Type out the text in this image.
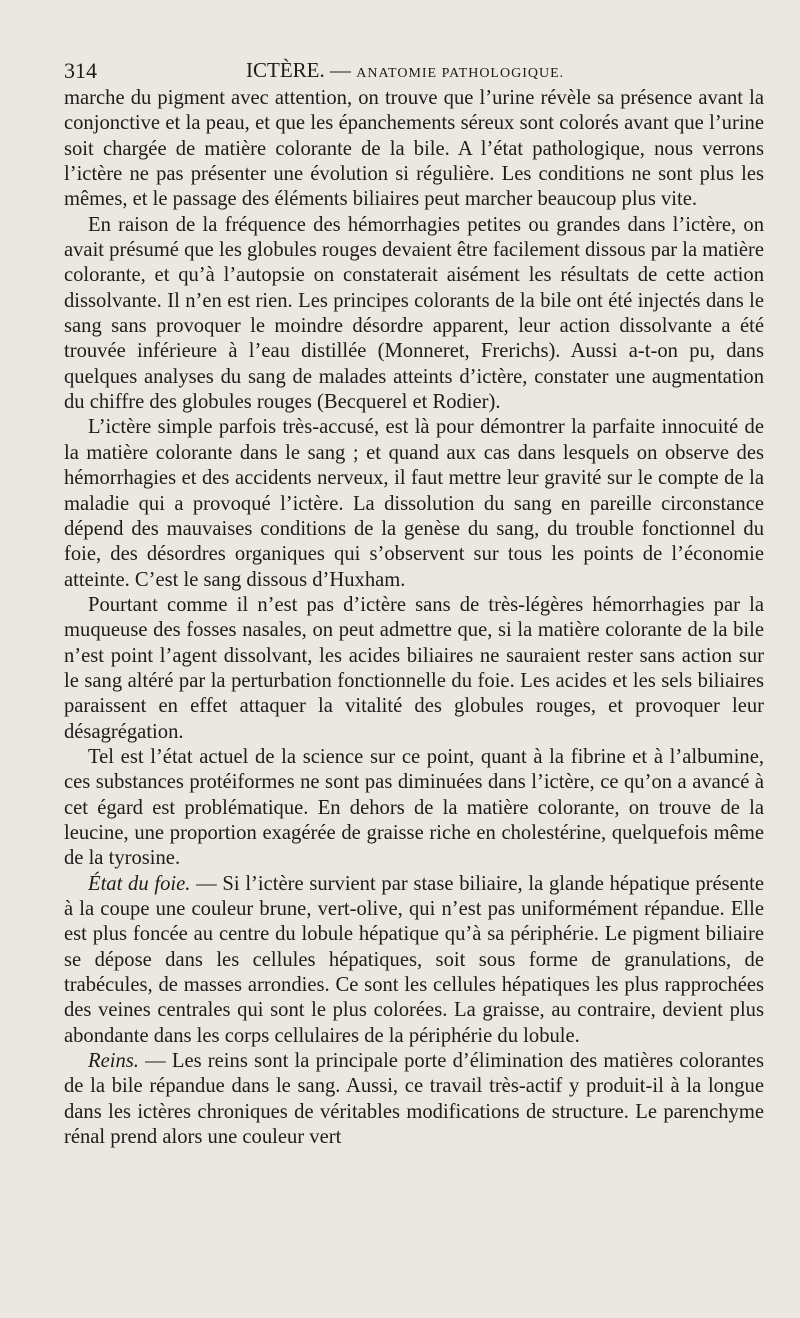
314	ICTÈRE. — ANATOMIE PATHOLOGIQUE.

marche du pigment avec attention, on trouve que l’urine révèle sa présence avant la conjonctive et la peau, et que les épanchements séreux sont colorés avant que l’urine soit chargée de matière colorante de la bile. A l’état pathologique, nous verrons l’ictère ne pas présenter une évolution si régulière. Les conditions ne sont plus les mêmes, et le passage des éléments biliaires peut marcher beaucoup plus vite.

En raison de la fréquence des hémorrhagies petites ou grandes dans l’ictère, on avait présumé que les globules rouges devaient être facilement dissous par la matière colorante, et qu’à l’autopsie on constaterait aisément les résultats de cette action dissolvante. Il n’en est rien. Les principes colorants de la bile ont été injectés dans le sang sans provoquer le moindre désordre apparent, leur action dissolvante a été trouvée inférieure à l’eau distillée (Monneret, Frerichs). Aussi a-t-on pu, dans quelques analyses du sang de malades atteints d’ictère, constater une augmentation du chiffre des globules rouges (Becquerel et Rodier).

L’ictère simple parfois très-accusé, est là pour démontrer la parfaite innocuité de la matière colorante dans le sang ; et quand aux cas dans lesquels on observe des hémorrhagies et des accidents nerveux, il faut mettre leur gravité sur le compte de la maladie qui a provoqué l’ictère. La dissolution du sang en pareille circonstance dépend des mauvaises conditions de la genèse du sang, du trouble fonctionnel du foie, des désordres organiques qui s’observent sur tous les points de l’économie atteinte. C’est le sang dissous d’Huxham.

Pourtant comme il n’est pas d’ictère sans de très-légères hémorrhagies par la muqueuse des fosses nasales, on peut admettre que, si la matière colorante de la bile n’est point l’agent dissolvant, les acides biliaires ne sauraient rester sans action sur le sang altéré par la perturbation fonctionnelle du foie. Les acides et les sels biliaires paraissent en effet attaquer la vitalité des globules rouges, et provoquer leur désagrégation.

Tel est l’état actuel de la science sur ce point, quant à la fibrine et à l’albumine, ces substances protéiformes ne sont pas diminuées dans l’ictère, ce qu’on a avancé à cet égard est problématique. En dehors de la matière colorante, on trouve de la leucine, une proportion exagérée de graisse riche en cholestérine, quelquefois même de la tyrosine.

État du foie. — Si l’ictère survient par stase biliaire, la glande hépatique présente à la coupe une couleur brune, vert-olive, qui n’est pas uniformément répandue. Elle est plus foncée au centre du lobule hépatique qu’à sa périphérie. Le pigment biliaire se dépose dans les cellules hépatiques, soit sous forme de granulations, de trabécules, de masses arrondies. Ce sont les cellules hépatiques les plus rapprochées des veines centrales qui sont le plus colorées. La graisse, au contraire, devient plus abondante dans les corps cellulaires de la périphérie du lobule.

Reins. — Les reins sont la principale porte d’élimination des matières colorantes de la bile répandue dans le sang. Aussi, ce travail très-actif y produit-il à la longue dans les ictères chroniques de véritables modifications de structure. Le parenchyme rénal prend alors une couleur vert
